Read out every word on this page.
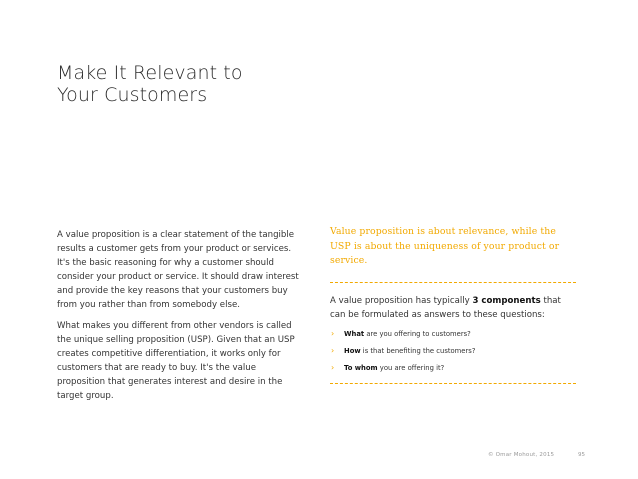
Make It Relevant to
Your Customers

A value proposition is a clear statement of the tangible results a customer gets from your product or services. It's the basic reasoning for why a customer should consider your product or service. It should draw interest and provide the key reasons that your customers buy from you rather than from somebody else.

What makes you different from other vendors is called the unique selling proposition (USP). Given that an USP creates competitive differentiation, it works only for customers that are ready to buy. It's the value proposition that generates interest and desire in the target group.

Value proposition is about relevance, while the USP is about the uniqueness of your product or service.

A value proposition has typically 3 components that can be formulated as answers to these questions:

› What are you offering to customers?
› How is that benefiting the customers?
› To whom you are offering it?
© Omar Mohout, 2015	95
